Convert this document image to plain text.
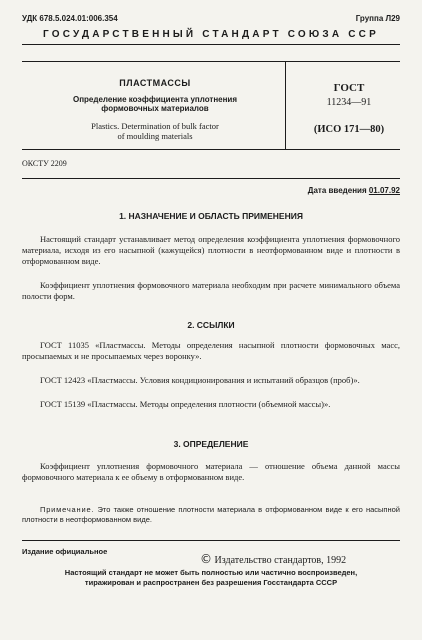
УДК 678.5.024.01:006.354	Группа Л29
ГОСУДАРСТВЕННЫЙ СТАНДАРТ СОЮЗА ССР
ПЛАСТМАССЫ
Определение коэффициента уплотнения
формовочных материалов
Plastics. Determination of bulk factor
of moulding materials
ГОСТ
11234—91
(ИСО 171—80)
ОКСТУ 2209
Дата введения 01.07.92
1. НАЗНАЧЕНИЕ И ОБЛАСТЬ ПРИМЕНЕНИЯ
Настоящий стандарт устанавливает метод определения коэффициента уплотнения формовочного материала, исходя из его насыпной (кажущейся) плотности в неотформованном виде и плотности в отформованном виде.
Коэффициент уплотнения формовочного материала необходим при расчете минимального объема полости форм.
2. ССЫЛКИ
ГОСТ 11035 «Пластмассы. Методы определения насыпной плотности формовочных масс, просыпаемых и не просыпаемых через воронку».
ГОСТ 12423 «Пластмассы. Условия кондиционирования и испытаний образцов (проб)».
ГОСТ 15139 «Пластмассы. Методы определения плотности (объемной массы)».
3. ОПРЕДЕЛЕНИЕ
Коэффициент уплотнения формовочного материала — отношение объема данной массы формовочного материала к ее объему в отформованном виде.
Примечание. Это также отношение плотности материала в отформованном виде к его насыпной плотности в неотформованном виде.
Издание официальное
© Издательство стандартов, 1992
Настоящий стандарт не может быть полностью или частично воспроизведен,
тиражирован и распространен без разрешения Госстандарта СССР
